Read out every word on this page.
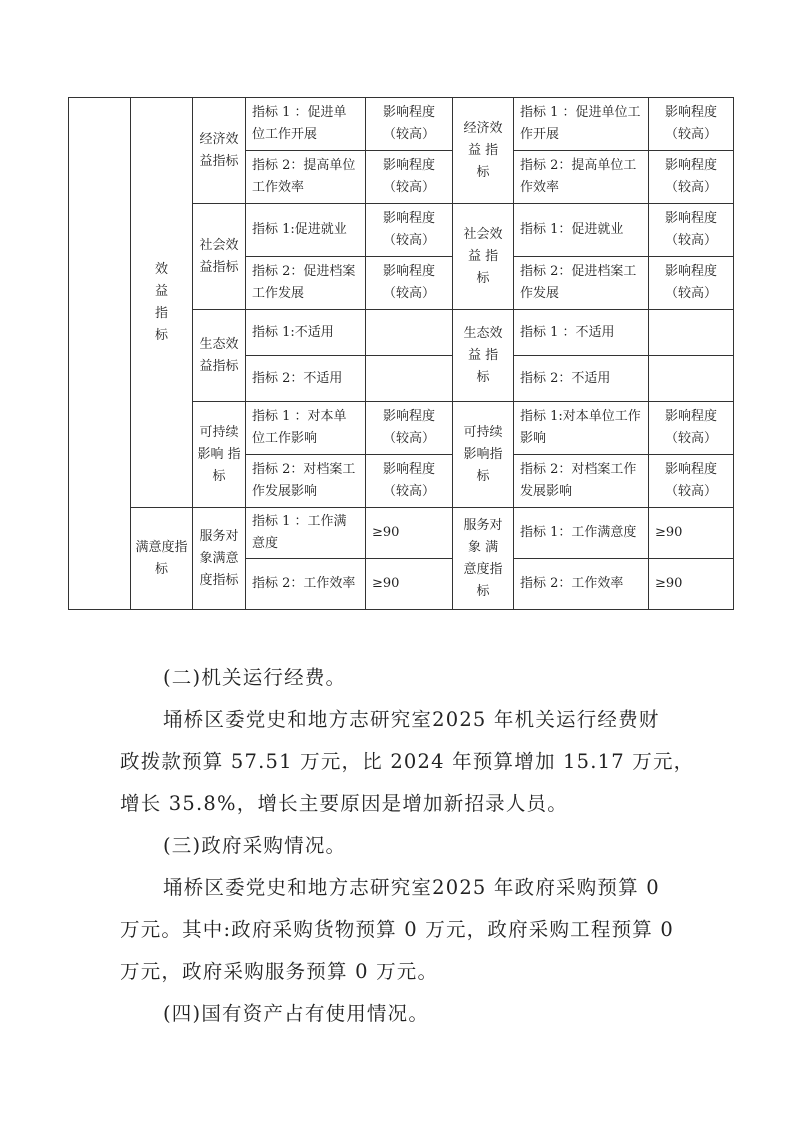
	效益指标	经济效益指标	指标 1 ：促进单位工作开展	影响程度（较高）	经济效 益 指 标	指标 1 ：促进单位工作开展	影响程度（较高）
			指标 2：提高单位工作效率	影响程度（较高）		指标 2：提高单位工作效率	影响程度（较高）
		社会效益指标	指标 1:促进就业	影响程度（较高）	社会效 益 指 标	指标 1：促进就业	影响程度（较高）
			指标 2：促进档案工作发展	影响程度（较高）		指标 2：促进档案工作发展	影响程度（较高）
		生态效益指标	指标 1:不适用		生态效 益 指 标	指标 1 ：不适用	
			指标 2：不适用			指标 2：不适用	
		可持续影响 指标	指标 1 ：对本单位工作影响	影响程度（较高）	可持续影响指标	指标 1:对本单位工作影响	影响程度（较高）
			指标 2：对档案工作发展影响	影响程度（较高）		指标 2：对档案工作发展影响	影响程度（较高）
	满意度指标	服务对象满意度指标	指标 1 ：工作满意度	≥90	服务对象 满 意度指标	指标 1：工作满意度	≥90
			指标 2：工作效率	≥90		指标 2：工作效率	≥90
(二)机关运行经费。
埇桥区委党史和地方志研究室2025 年机关运行经费财
政拨款预算 57.51 万元，比 2024 年预算增加 15.17 万元，
增长 35.8%，增长主要原因是增加新招录人员。
(三)政府采购情况。
埇桥区委党史和地方志研究室2025 年政府采购预算 0
万元。其中:政府采购货物预算 0 万元，政府采购工程预算 0
万元，政府采购服务预算 0 万元。
(四)国有资产占有使用情况。
